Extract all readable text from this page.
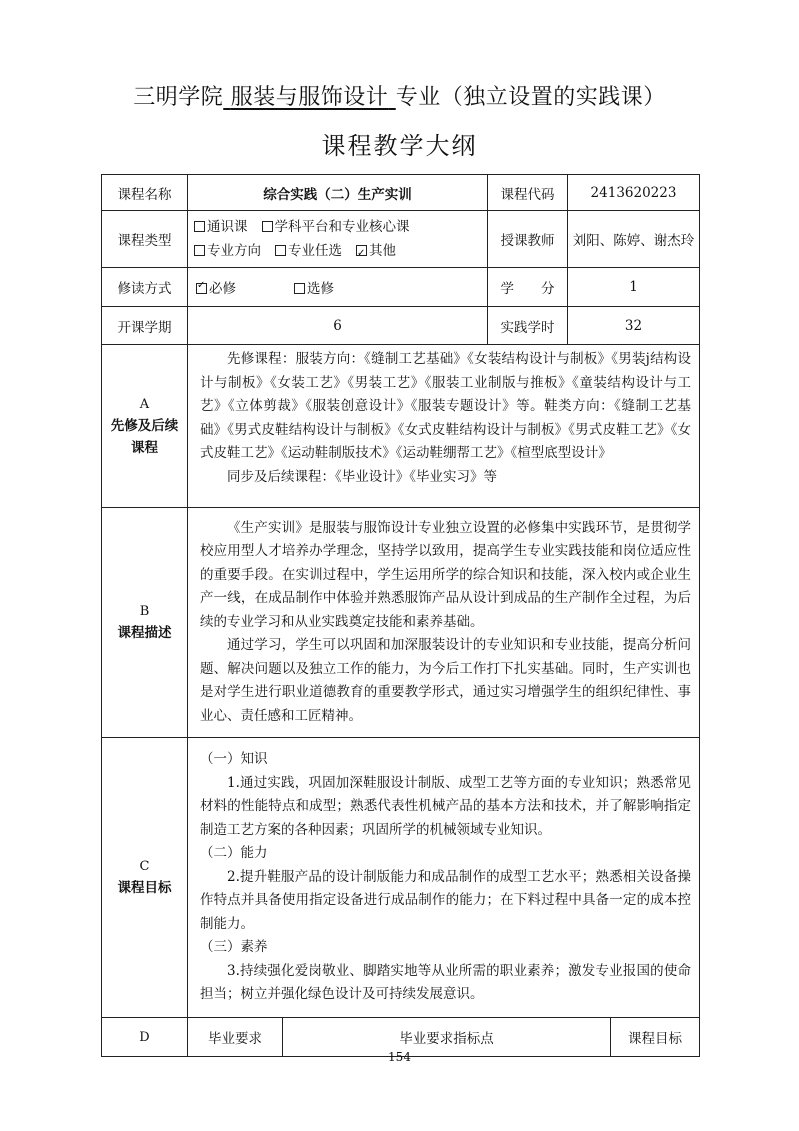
三明学院 服装与服饰设计 专业（独立设置的实践课）
课程教学大纲
课程名称	综合实践（二）生产实训	课程代码	2413620223
课程类型	
通识课 学科平台和专业核心课
专业方向 专业任选✓ 其他
	授课教师	刘阳、陈婷、谢杰玲
修读方式	✓必修	选修	学　　分	1
开课学期	6	实践学时	32

A
先修及后续
课程

先修课程：服装方向：《缝制工艺基础》《女装结构设计与制板》《男装j结构设计与制板》《女装工艺》《男装工艺》《服装工业制版与推板》《童装结构设计与工艺》《立体剪裁》《服装创意设计》《服装专题设计》等。鞋类方向：《缝制工艺基础》《男式皮鞋结构设计与制板》《女式皮鞋结构设计与制板》《男式皮鞋工艺》《女式皮鞋工艺》《运动鞋制版技术》《运动鞋绷帮工艺》《楦型底型设计》
同步及后续课程：《毕业设计》《毕业实习》等

B
课程描述

《生产实训》是服装与服饰设计专业独立设置的必修集中实践环节，是贯彻学校应用型人才培养办学理念，坚持学以致用，提高学生专业实践技能和岗位适应性的重要手段。在实训过程中，学生运用所学的综合知识和技能，深入校内或企业生产一线，在成品制作中体验并熟悉服饰产品从设计到成品的生产制作全过程，为后续的专业学习和从业实践奠定技能和素养基础。
通过学习，学生可以巩固和加深服装设计的专业知识和专业技能，提高分析问题、解决问题以及独立工作的能力，为今后工作打下扎实基础。同时，生产实训也是对学生进行职业道德教育的重要教学形式，通过实习增强学生的组织纪律性、事业心、责任感和工匠精神。

C
课程目标

（一）知识
1.通过实践，巩固加深鞋服设计制版、成型工艺等方面的专业知识；熟悉常见材料的性能特点和成型；熟悉代表性机械产品的基本方法和技术，并了解影响指定制造工艺方案的各种因素；巩固所学的机械领域专业知识。
（二）能力
2.提升鞋服产品的设计制版能力和成品制作的成型工艺水平；熟悉相关设备操作特点并具备使用指定设备进行成品制作的能力；在下料过程中具备一定的成本控制能力。
（三）素养
3.持续强化爱岗敬业、脚踏实地等从业所需的职业素养；激发专业报国的使命担当；树立并强化绿色设计及可持续发展意识。

D
		毕业要求	毕业要求指标点	课程目标
154
